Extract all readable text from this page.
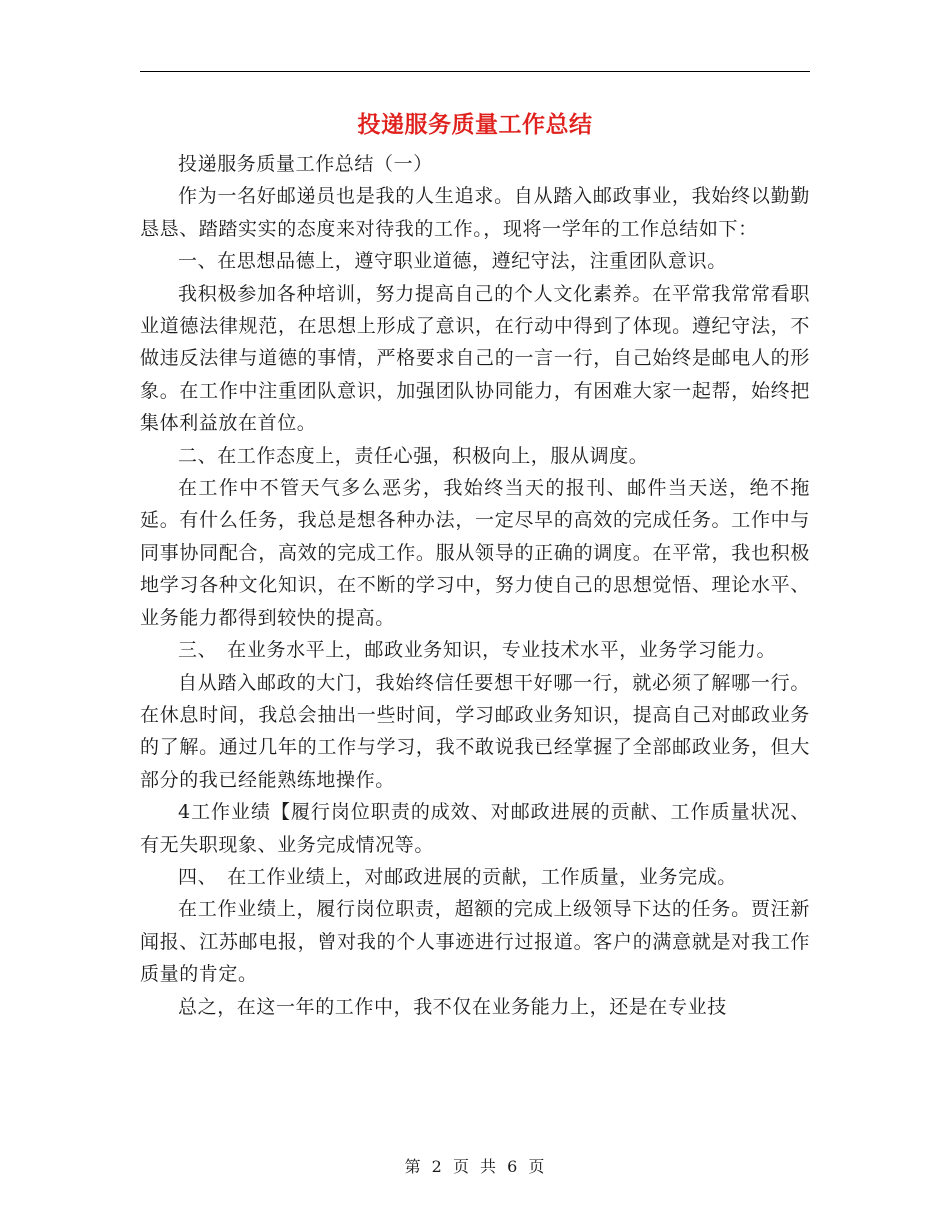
投递服务质量工作总结

投递服务质量工作总结（一）

作为一名好邮递员也是我的人生追求。自从踏入邮政事业，我始终以勤勤恳恳、踏踏实实的态度来对待我的工作。，现将一学年的工作总结如下：

一、在思想品德上，遵守职业道德，遵纪守法，注重团队意识。

我积极参加各种培训，努力提高自己的个人文化素养。在平常我常常看职业道德法律规范，在思想上形成了意识，在行动中得到了体现。遵纪守法，不做违反法律与道德的事情，严格要求自己的一言一行，自己始终是邮电人的形象。在工作中注重团队意识，加强团队协同能力，有困难大家一起帮，始终把集体利益放在首位。

二、在工作态度上，责任心强，积极向上，服从调度。

在工作中不管天气多么恶劣，我始终当天的报刊、邮件当天送，绝不拖延。有什么任务，我总是想各种办法，一定尽早的高效的完成任务。工作中与同事协同配合，高效的完成工作。服从领导的正确的调度。在平常，我也积极地学习各种文化知识，在不断的学习中，努力使自己的思想觉悟、理论水平、业务能力都得到较快的提高。

三、　在业务水平上，邮政业务知识，专业技术水平，业务学习能力。

自从踏入邮政的大门，我始终信任要想干好哪一行，就必须了解哪一行。在休息时间，我总会抽出一些时间，学习邮政业务知识，提高自己对邮政业务的了解。通过几年的工作与学习，我不敢说我已经掌握了全部邮政业务，但大部分的我已经能熟练地操作。

4工作业绩【履行岗位职责的成效、对邮政进展的贡献、工作质量状况、有无失职现象、业务完成情况等。

四、　在工作业绩上，对邮政进展的贡献，工作质量，业务完成。

在工作业绩上，履行岗位职责，超额的完成上级领导下达的任务。贾汪新闻报、江苏邮电报，曾对我的个人事迹进行过报道。客户的满意就是对我工作质量的肯定。

总之，在这一年的工作中，我不仅在业务能力上，还是在专业技

第 2 页 共 6 页
